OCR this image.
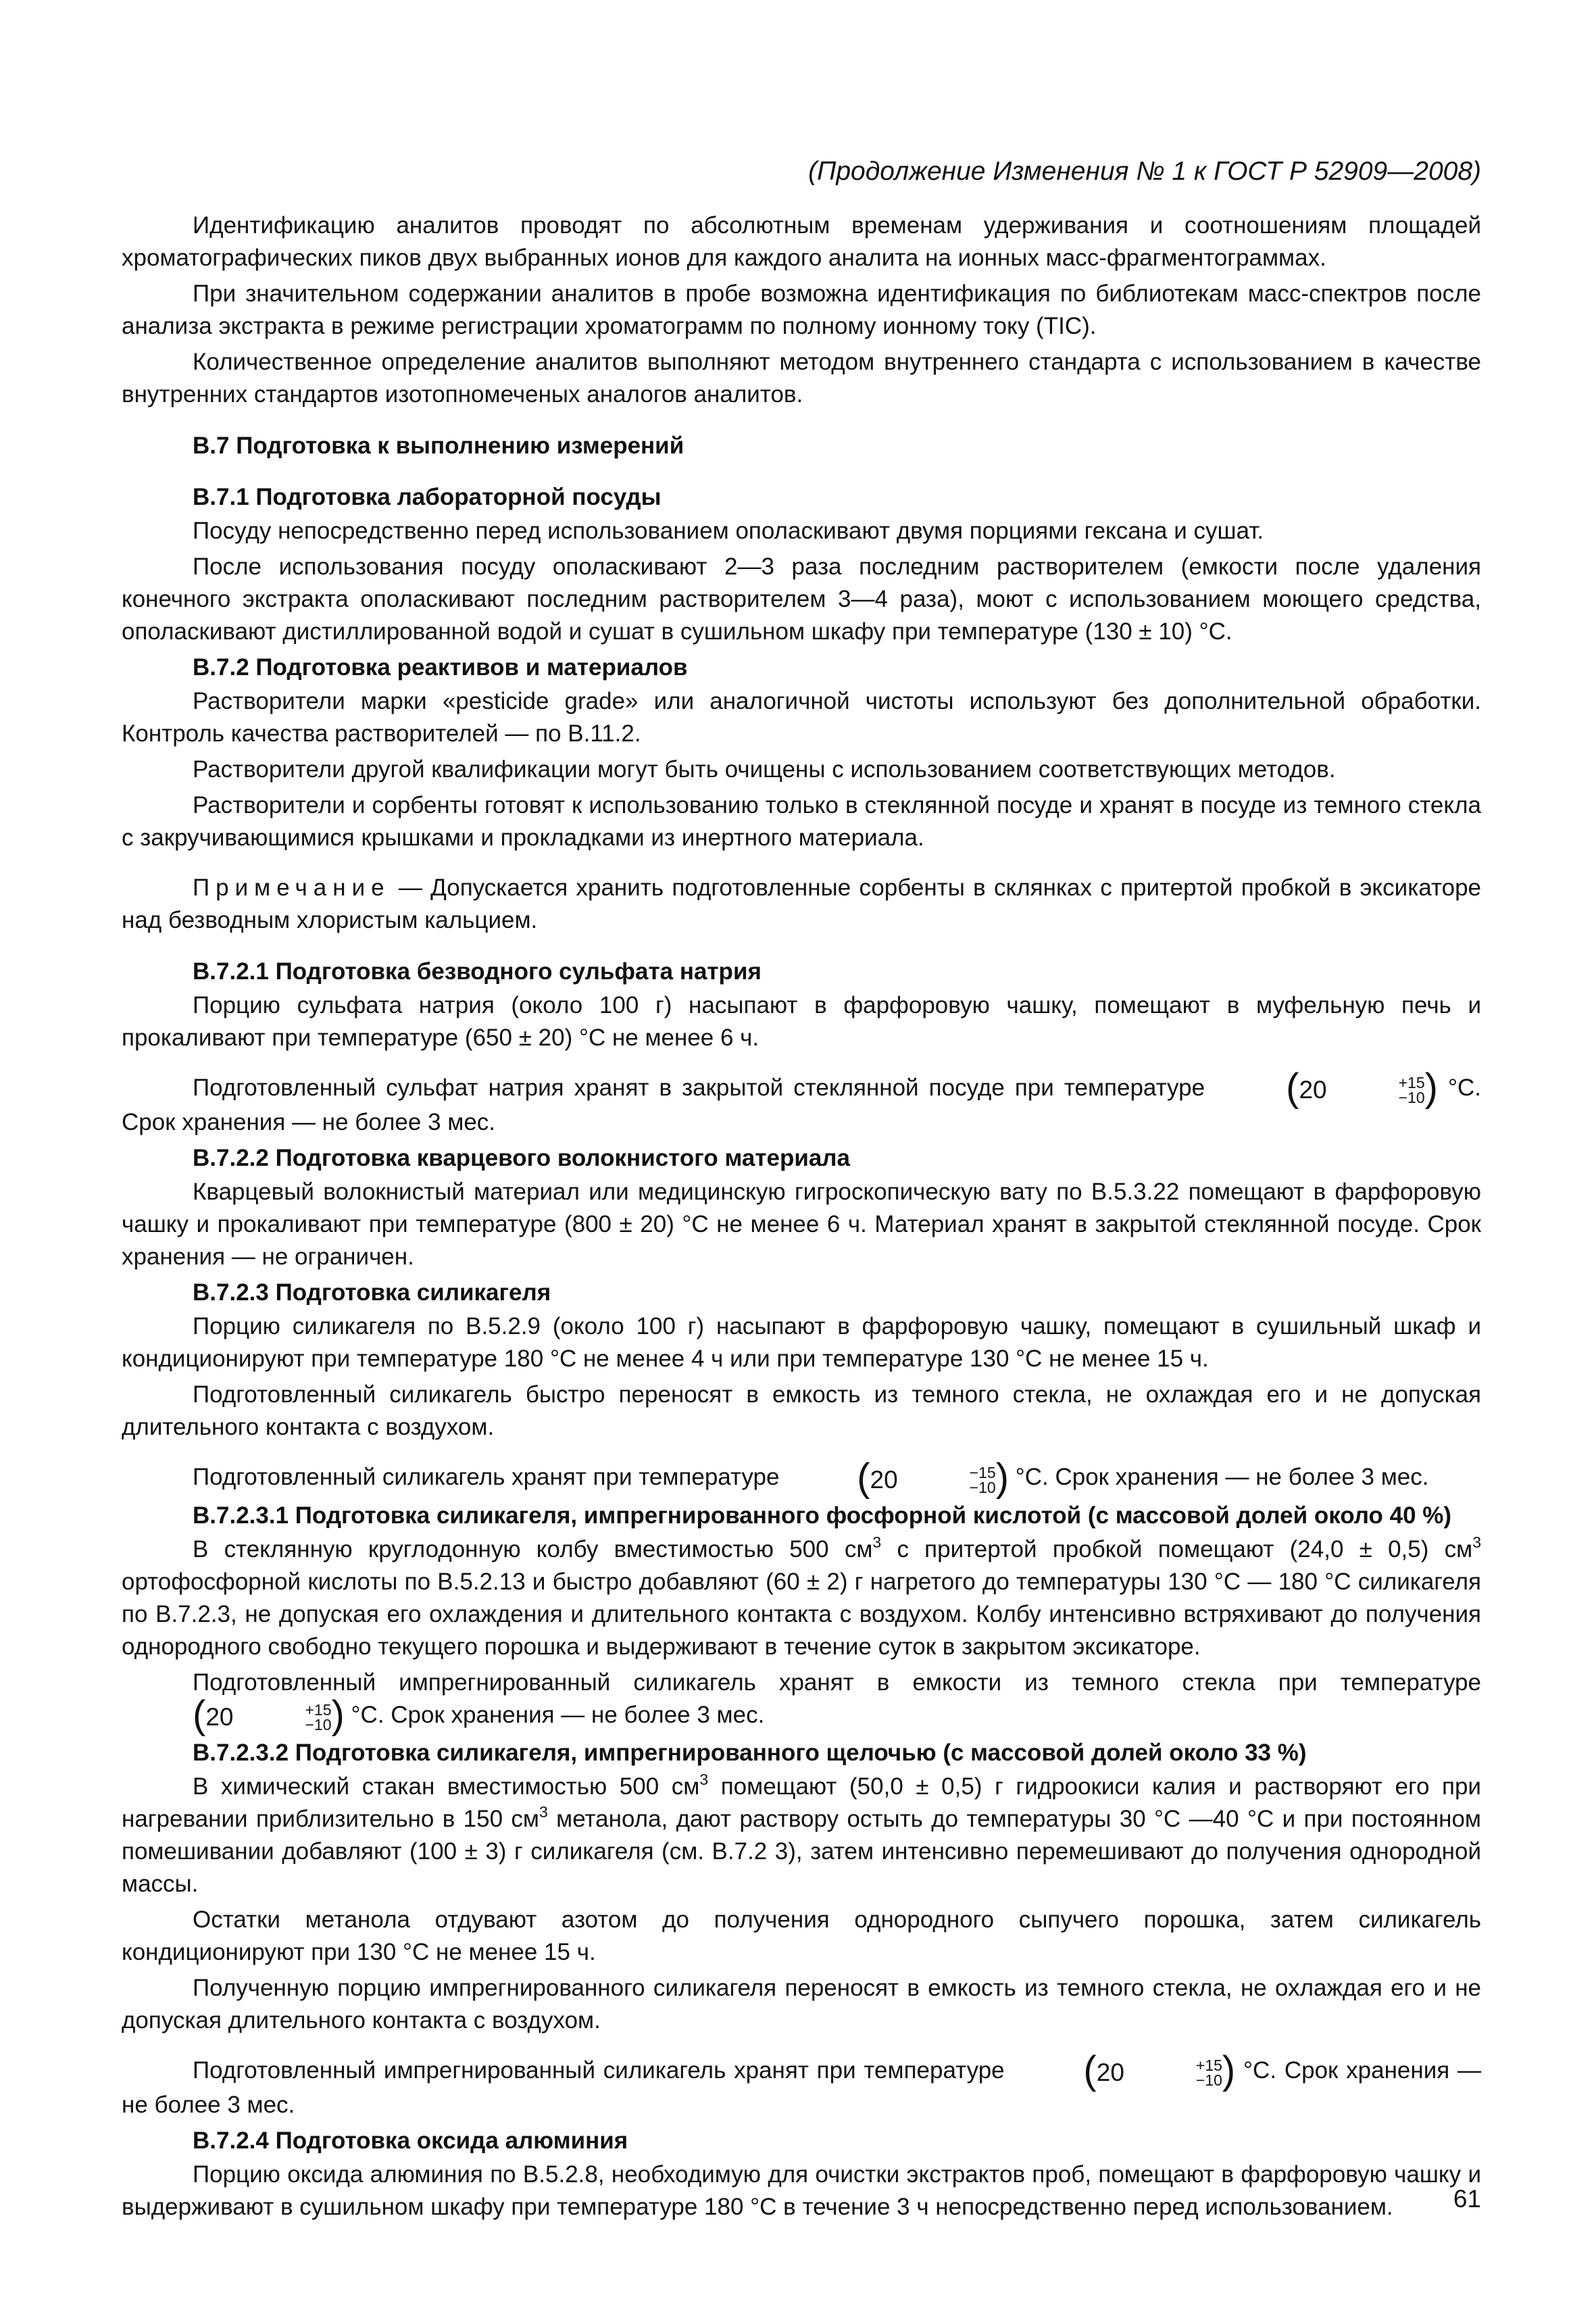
(Продолжение Изменения № 1 к ГОСТ Р 52909—2008)

Идентификацию аналитов проводят по абсолютным временам удерживания и соотношениям площадей хроматографических пиков двух выбранных ионов для каждого аналита на ионных масс-фрагментограммах.

При значительном содержании аналитов в пробе возможна идентификация по библиотекам масс-спектров после анализа экстракта в режиме регистрации хроматограмм по полному ионному току (TIC).

Количественное определение аналитов выполняют методом внутреннего стандарта с использованием в качестве внутренних стандартов изотопномеченых аналогов аналитов.

В.7 Подготовка к выполнению измерений
В.7.1 Подготовка лабораторной посуды

Посуду непосредственно перед использованием ополаскивают двумя порциями гексана и сушат.

После использования посуду ополаскивают 2—3 раза последним растворителем (емкости после удаления конечного экстракта ополаскивают последним растворителем 3—4 раза), моют с использованием моющего средства, ополаскивают дистиллированной водой и сушат в сушильном шкафу при температуре (130 ± 10) °С.

В.7.2 Подготовка реактивов и материалов

Растворители марки «pesticide grade» или аналогичной чистоты используют без дополнительной обработки. Контроль качества растворителей — по В.11.2.

Растворители другой квалификации могут быть очищены с использованием соответствующих методов.

Растворители и сорбенты готовят к использованию только в стеклянной посуде и хранят в посуде из темного стекла с закручивающимися крышками и прокладками из инертного материала.

Примечание — Допускается хранить подготовленные сорбенты в склянках с притертой пробкой в эксикаторе над безводным хлористым кальцием.

В.7.2.1 Подготовка безводного сульфата натрия

Порцию сульфата натрия (около 100 г) насыпают в фарфоровую чашку, помещают в муфельную печь и прокаливают при температуре (650 ± 20) °С не менее 6 ч.

Подготовленный сульфат натрия хранят в закрытой стеклянной посуде при температуре (20	+15
−10 ) °С. Срок хранения — не более 3 мес.

В.7.2.2 Подготовка кварцевого волокнистого материала

Кварцевый волокнистый материал или медицинскую гигроскопическую вату по В.5.3.22 помещают в фарфоровую чашку и прокаливают при температуре (800 ± 20) °С не менее 6 ч. Материал хранят в закрытой стеклянной посуде. Срок хранения — не ограничен.

В.7.2.3 Подготовка силикагеля

Порцию силикагеля по В.5.2.9 (около 100 г) насыпают в фарфоровую чашку, помещают в сушильный шкаф и кондиционируют при температуре 180 °С не менее 4 ч или при температуре 130 °С не менее 15 ч.

Подготовленный силикагель быстро переносят в емкость из темного стекла, не охлаждая его и не допуская длительного контакта с воздухом.

Подготовленный силикагель хранят при температуре (20	−15
−10 ) °С. Срок хранения — не более 3 мес.

В.7.2.3.1 Подготовка силикагеля, импрегнированного фосфорной кислотой (с массовой долей около 40 %)

В стеклянную круглодонную колбу вместимостью 500 $см^3$ с притертой пробкой помещают (24,0 ± 0,5) $см^3$ ортофосфорной кислоты по В.5.2.13 и быстро добавляют (60 ± 2) г нагретого до температуры 130 °С — 180 °С силикагеля по В.7.2.3, не допуская его охлаждения и длительного контакта с воздухом. Колбу интенсивно встряхивают до получения однородного свободно текущего порошка и выдерживают в течение суток в закрытом эксикаторе.

Подготовленный импрегнированный силикагель хранят в емкости из темного стекла при температуре (20	+15
−10 ) °С. Срок хранения — не более 3 мес.

В.7.2.3.2 Подготовка силикагеля, импрегнированного щелочью (с массовой долей около 33 %)

В химический стакан вместимостью 500 $см^3$ помещают (50,0 ± 0,5) г гидроокиси калия и растворяют его при нагревании приблизительно в 150 $см^3$ метанола, дают раствору остыть до температуры 30 °С —40 °С и при постоянном помешивании добавляют (100 ± 3) г силикагеля (см. В.7.2 3), затем интенсивно перемешивают до получения однородной массы.

Остатки метанола отдувают азотом до получения однородного сыпучего порошка, затем силикагель кондиционируют при 130 °С не менее 15 ч.

Полученную порцию импрегнированного силикагеля переносят в емкость из темного стекла, не охлаждая его и не допуская длительного контакта с воздухом.

Подготовленный импрегнированный силикагель хранят при температуре (20	+15
−10 ) °С. Срок хранения — не более 3 мес.

В.7.2.4 Подготовка оксида алюминия

Порцию оксида алюминия по В.5.2.8, необходимую для очистки экстрактов проб, помещают в фарфоровую чашку и выдерживают в сушильном шкафу при температуре 180 °С в течение 3 ч непосредственно перед использованием.	61
